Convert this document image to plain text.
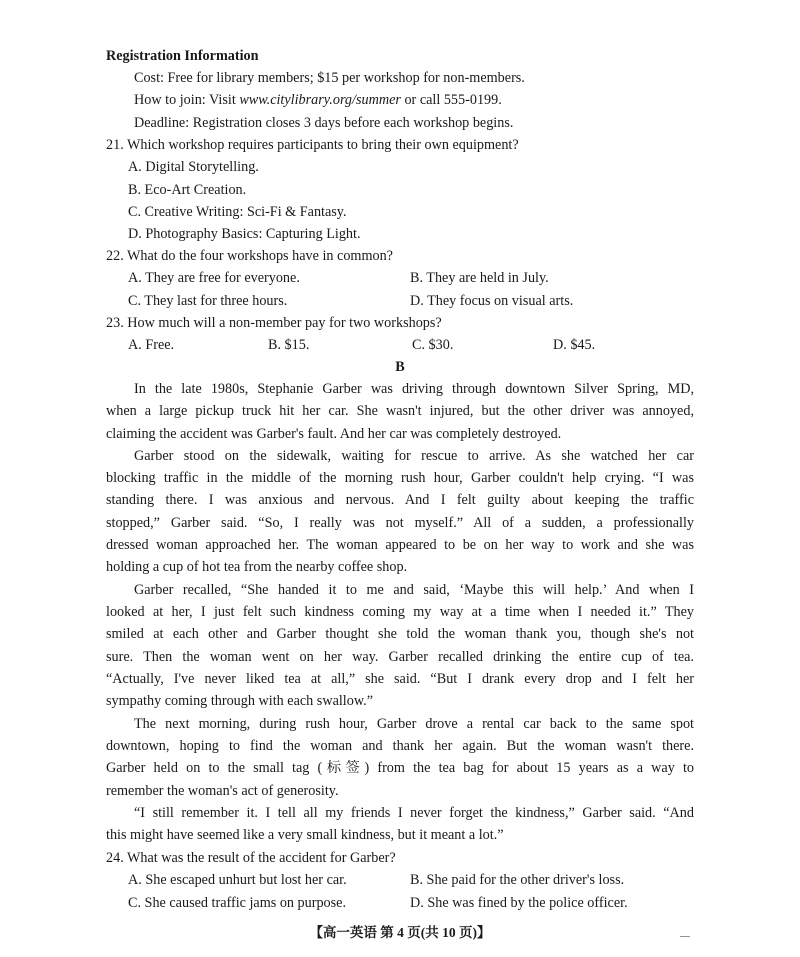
Registration Information
Cost: Free for library members; $15 per workshop for non-members.
How to join: Visit www.citylibrary.org/summer or call 555-0199.
Deadline: Registration closes 3 days before each workshop begins.
21. Which workshop requires participants to bring their own equipment?
A. Digital Storytelling.
B. Eco-Art Creation.
C. Creative Writing: Sci-Fi & Fantasy.
D. Photography Basics: Capturing Light.
22. What do the four workshops have in common?
A. They are free for everyone.	B. They are held in July.
C. They last for three hours.	D. They focus on visual arts.
23. How much will a non-member pay for two workshops?
A. Free.	B. $15.	C. $30.	D. $45.
B
In the late 1980s, Stephanie Garber was driving through downtown Silver Spring, MD,
when a large pickup truck hit her car. She wasn't injured, but the other driver was annoyed,
claiming the accident was Garber's fault. And her car was completely destroyed.
Garber stood on the sidewalk, waiting for rescue to arrive. As she watched her car
blocking traffic in the middle of the morning rush hour, Garber couldn't help crying. “I was
standing there. I was anxious and nervous. And I felt guilty about keeping the traffic
stopped,” Garber said. “So, I really was not myself.” All of a sudden, a professionally
dressed woman approached her. The woman appeared to be on her way to work and she was
holding a cup of hot tea from the nearby coffee shop.
Garber recalled, “She handed it to me and said, ‘Maybe this will help.’ And when I
looked at her, I just felt such kindness coming my way at a time when I needed it.” They
smiled at each other and Garber thought she told the woman thank you, though she's not
sure. Then the woman went on her way. Garber recalled drinking the entire cup of tea.
“Actually, I've never liked tea at all,” she said. “But I drank every drop and I felt her
sympathy coming through with each swallow.”
The next morning, during rush hour, Garber drove a rental car back to the same spot
downtown, hoping to find the woman and thank her again. But the woman wasn't there.
Garber held on to the small tag (标签) from the tea bag for about 15 years as a way to
remember the woman's act of generosity.
“I still remember it. I tell all my friends I never forget the kindness,” Garber said. “And
this might have seemed like a very small kindness, but it meant a lot.”
24. What was the result of the accident for Garber?
A. She escaped unhurt but lost her car.	B. She paid for the other driver's loss.
C. She caused traffic jams on purpose.	D. She was fined by the police officer.
【高一英语 第 4 页(共 10 页)】	—
